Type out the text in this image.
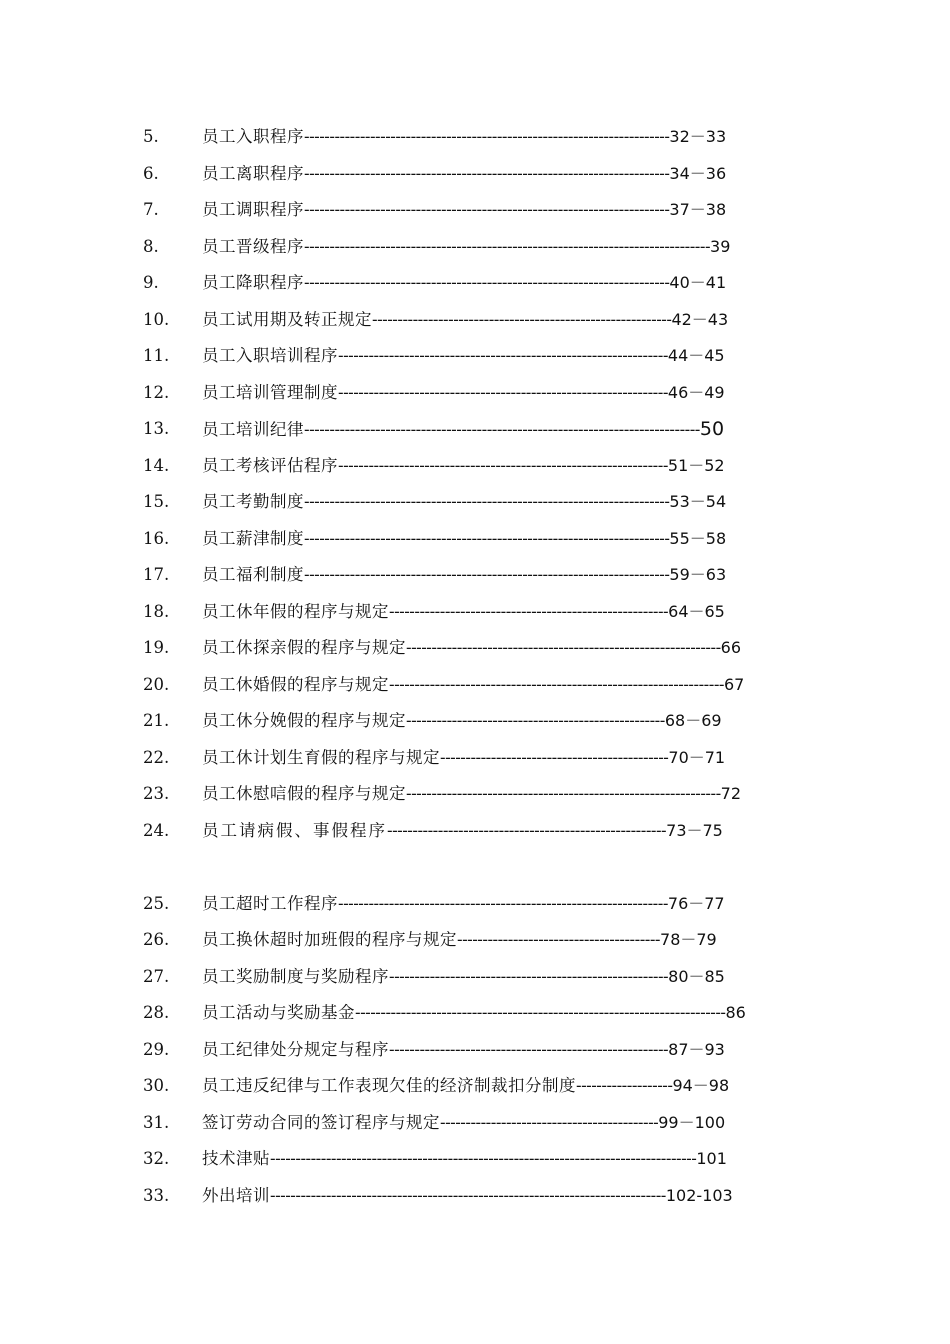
5.	员工入职程序------------------------------------------------------------------------32－33
6.	员工离职程序------------------------------------------------------------------------34－36
7.	员工调职程序------------------------------------------------------------------------37－38
8.	员工晋级程序--------------------------------------------------------------------------------39
9.	员工降职程序------------------------------------------------------------------------40－41
10. 员工试用期及转正规定-----------------------------------------------------------42－43
11. 员工入职培训程序-----------------------------------------------------------------44－45
12. 员工培训管理制度-----------------------------------------------------------------46－49
13. 员工培训纪律------------------------------------------------------------------------------50
14. 员工考核评估程序-----------------------------------------------------------------51－52
15. 员工考勤制度------------------------------------------------------------------------53－54
16. 员工薪津制度------------------------------------------------------------------------55－58
17. 员工福利制度------------------------------------------------------------------------59－63
18. 员工休年假的程序与规定-------------------------------------------------------64－65
19. 员工休探亲假的程序与规定--------------------------------------------------------------66
20. 员工休婚假的程序与规定------------------------------------------------------------------67
21. 员工休分娩假的程序与规定---------------------------------------------------68－69
22. 员工休计划生育假的程序与规定---------------------------------------------70－71
23. 员工休慰唁假的程序与规定--------------------------------------------------------------72
24. 员工请病假、事假程序-------------------------------------------------------73－75
25. 员工超时工作程序-----------------------------------------------------------------76－77
26. 员工换休超时加班假的程序与规定----------------------------------------78－79
27. 员工奖励制度与奖励程序-------------------------------------------------------80－85
28. 员工活动与奖励基金-------------------------------------------------------------------------86
29. 员工纪律处分规定与程序-------------------------------------------------------87－93
30. 员工违反纪律与工作表现欠佳的经济制裁扣分制度-------------------94－98
31. 签订劳动合同的签订程序与规定-------------------------------------------99－100
32. 技术津贴------------------------------------------------------------------------------------101
33. 外出培训------------------------------------------------------------------------------102-103
